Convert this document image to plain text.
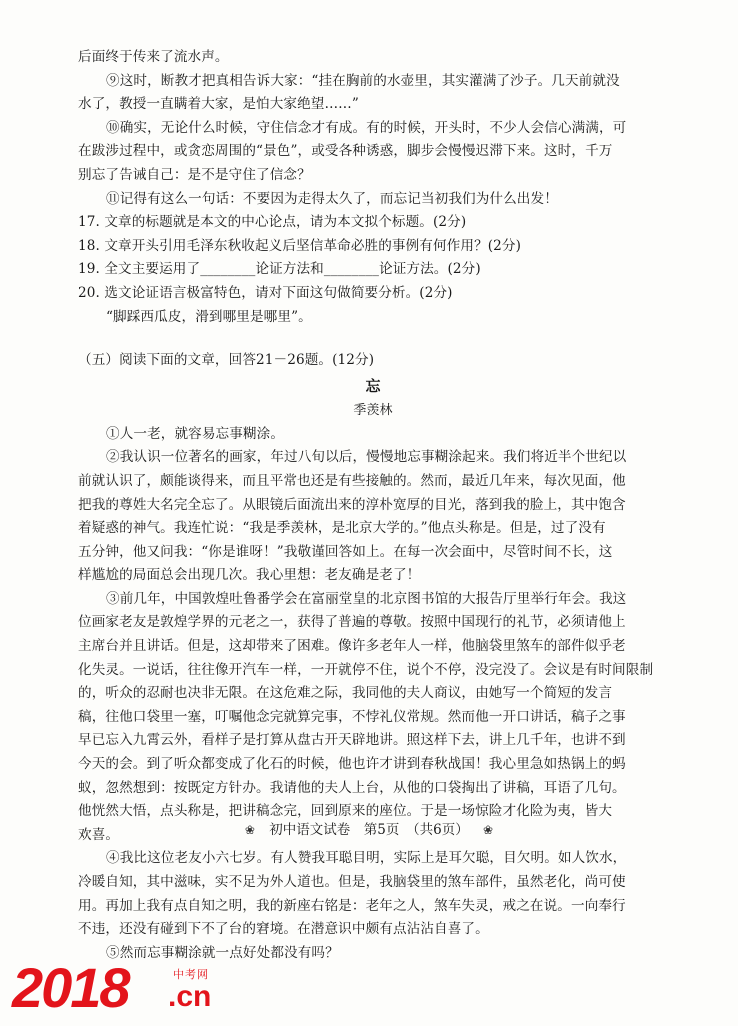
后面终于传来了流水声。
⑨这时，断教才把真相告诉大家：“挂在胸前的水壶里，其实灌满了沙子。几天前就没
水了，教授一直瞒着大家，是怕大家绝望……”
⑩确实，无论什么时候，守住信念才有成。有的时候，开头时，不少人会信心满满，可
在跋涉过程中，或贪恋周围的“景色”，或受各种诱惑，脚步会慢慢迟滞下来。这时，千万
别忘了告诫自己：是不是守住了信念？
⑪记得有这么一句话：不要因为走得太久了，而忘记当初我们为什么出发！
17. 文章的标题就是本文的中心论点，请为本文拟个标题。(2分)
18. 文章开头引用毛泽东秋收起义后坚信革命必胜的事例有何作用？(2分)
19. 全文主要运用了________论证方法和________论证方法。(2分)
20. 选文论证语言极富特色，请对下面这句做简要分析。(2分)
“脚踩西瓜皮，滑到哪里是哪里”。
（五）阅读下面的文章，回答21－26题。(12分)
忘
季羡林
①人一老，就容易忘事糊涂。
②我认识一位著名的画家，年过八旬以后，慢慢地忘事糊涂起来。我们将近半个世纪以
前就认识了，颇能谈得来，而且平常也还是有些接触的。然而，最近几年来，每次见面，他
把我的尊姓大名完全忘了。从眼镜后面流出来的淳朴宽厚的目光，落到我的脸上，其中饱含
着疑惑的神气。我连忙说：“我是季羡林，是北京大学的。”他点头称是。但是，过了没有
五分钟，他又问我：“你是谁呀！”我敬谨回答如上。在每一次会面中，尽管时间不长，这
样尴尬的局面总会出现几次。我心里想：老友确是老了！
③前几年，中国敦煌吐鲁番学会在富丽堂皇的北京图书馆的大报告厅里举行年会。我这
位画家老友是敦煌学界的元老之一，获得了普遍的尊敬。按照中国现行的礼节，必须请他上
主席台并且讲话。但是，这却带来了困难。像许多老年人一样，他脑袋里煞车的部件似乎老
化失灵。一说话，往往像开汽车一样，一开就停不住，说个不停，没完没了。会议是有时间限制
的，听众的忍耐也决非无限。在这危难之际，我同他的夫人商议，由她写一个简短的发言
稿，往他口袋里一塞，叮嘱他念完就算完事，不悖礼仪常规。然而他一开口讲话，稿子之事
早已忘入九霄云外，看样子是打算从盘古开天辟地讲。照这样下去，讲上几千年，也讲不到
今天的会。到了听众都变成了化石的时候，他也许才讲到春秋战国！我心里急如热锅上的蚂
蚁，忽然想到：按既定方针办。我请他的夫人上台，从他的口袋掏出了讲稿，耳语了几句。
他恍然大悟，点头称是，把讲稿念完，回到原来的座位。于是一场惊险才化险为夷，皆大
欢喜。
④我比这位老友小六七岁。有人赞我耳聪目明，实际上是耳欠聪，目欠明。如人饮水，
冷暖自知，其中滋味，实不足为外人道也。但是，我脑袋里的煞车部件，虽然老化，尚可使
用。再加上我有点自知之明，我的新座右铭是：老年之人，煞车失灵，戒之在说。一向奉行
不违，还没有碰到下不了台的窘境。在潜意识中颇有点沾沾自喜了。
⑤然而忘事糊涂就一点好处都没有吗？
❀ 初中语文试卷　第5页　（共6页） ❀
2018	中考网
.cn
